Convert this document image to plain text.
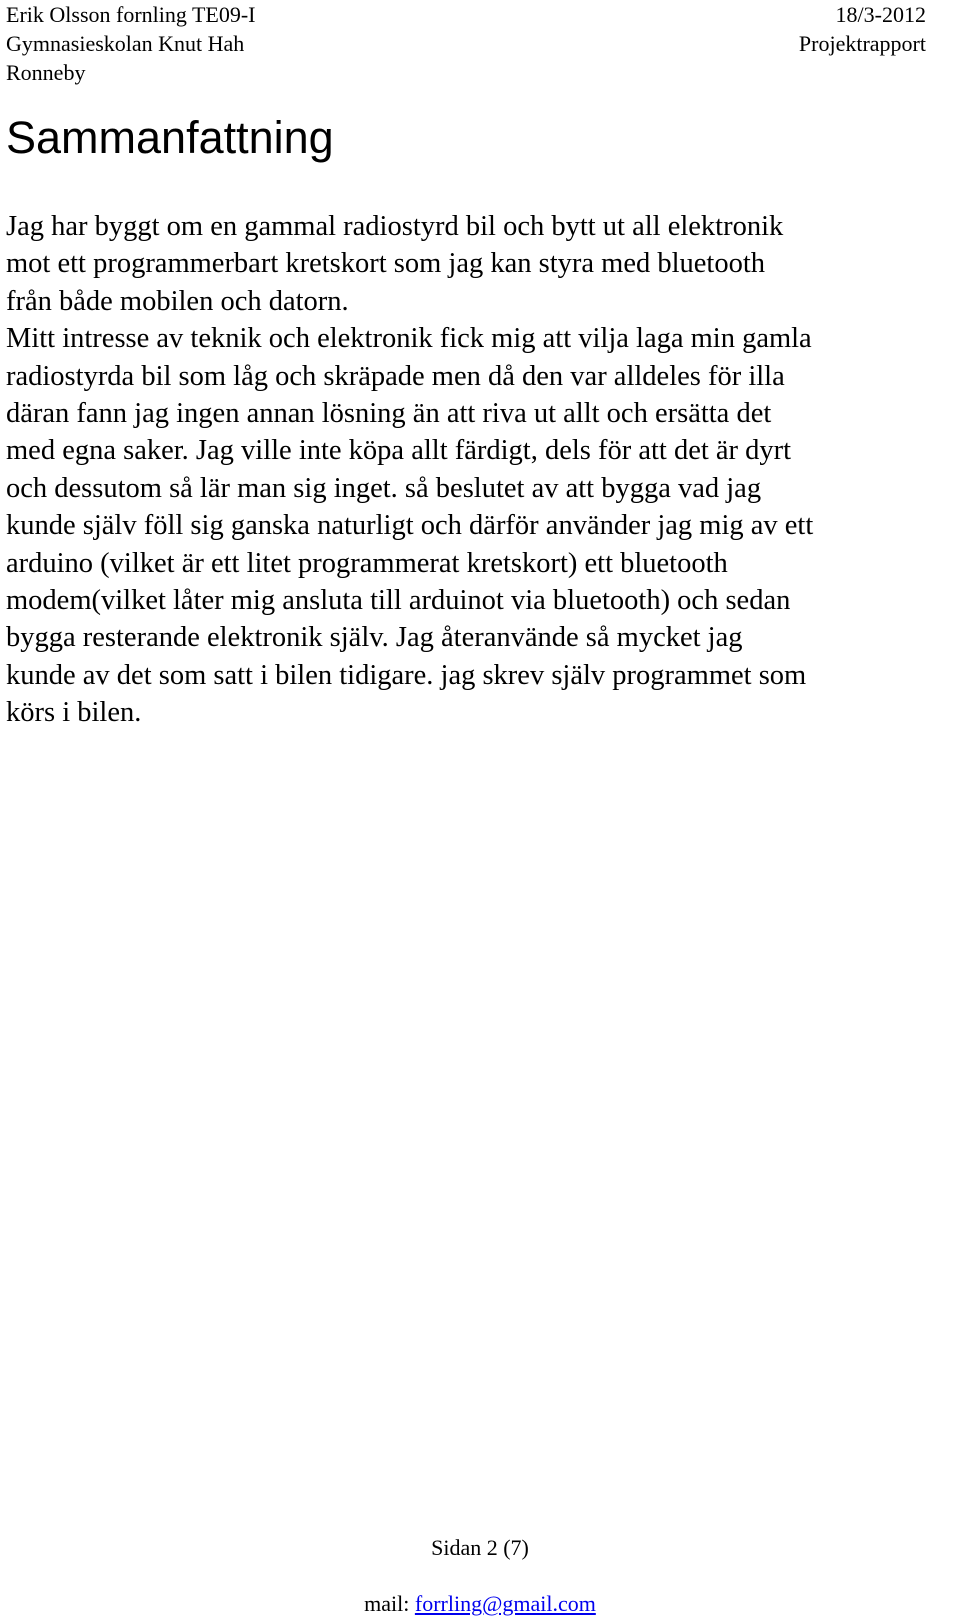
Erik Olsson fornling TE09-I	18/3-2012
Gymnasieskolan Knut Hah	Projektrapport
Ronneby
Sammanfattning
Jag har byggt om en gammal radiostyrd bil och bytt ut all elektronik
mot ett programmerbart kretskort som jag kan styra med bluetooth
från både mobilen och datorn.
Mitt intresse av teknik och elektronik fick mig att vilja laga min gamla
radiostyrda bil som låg och skräpade men då den var alldeles för illa
däran fann jag ingen annan lösning än att riva ut allt och ersätta det
med egna saker. Jag ville inte köpa allt färdigt, dels för att det är dyrt
och dessutom så lär man sig inget. så beslutet av att bygga vad jag
kunde själv föll sig ganska naturligt och därför använder jag mig av ett
arduino (vilket är ett litet programmerat kretskort) ett bluetooth
modem(vilket låter mig ansluta till arduinot via bluetooth) och sedan
bygga resterande elektronik själv. Jag återanvände så mycket jag
kunde av det som satt i bilen tidigare. jag skrev själv programmet som
körs i bilen.
Sidan 2 (7)
mail: forrling@gmail.com
